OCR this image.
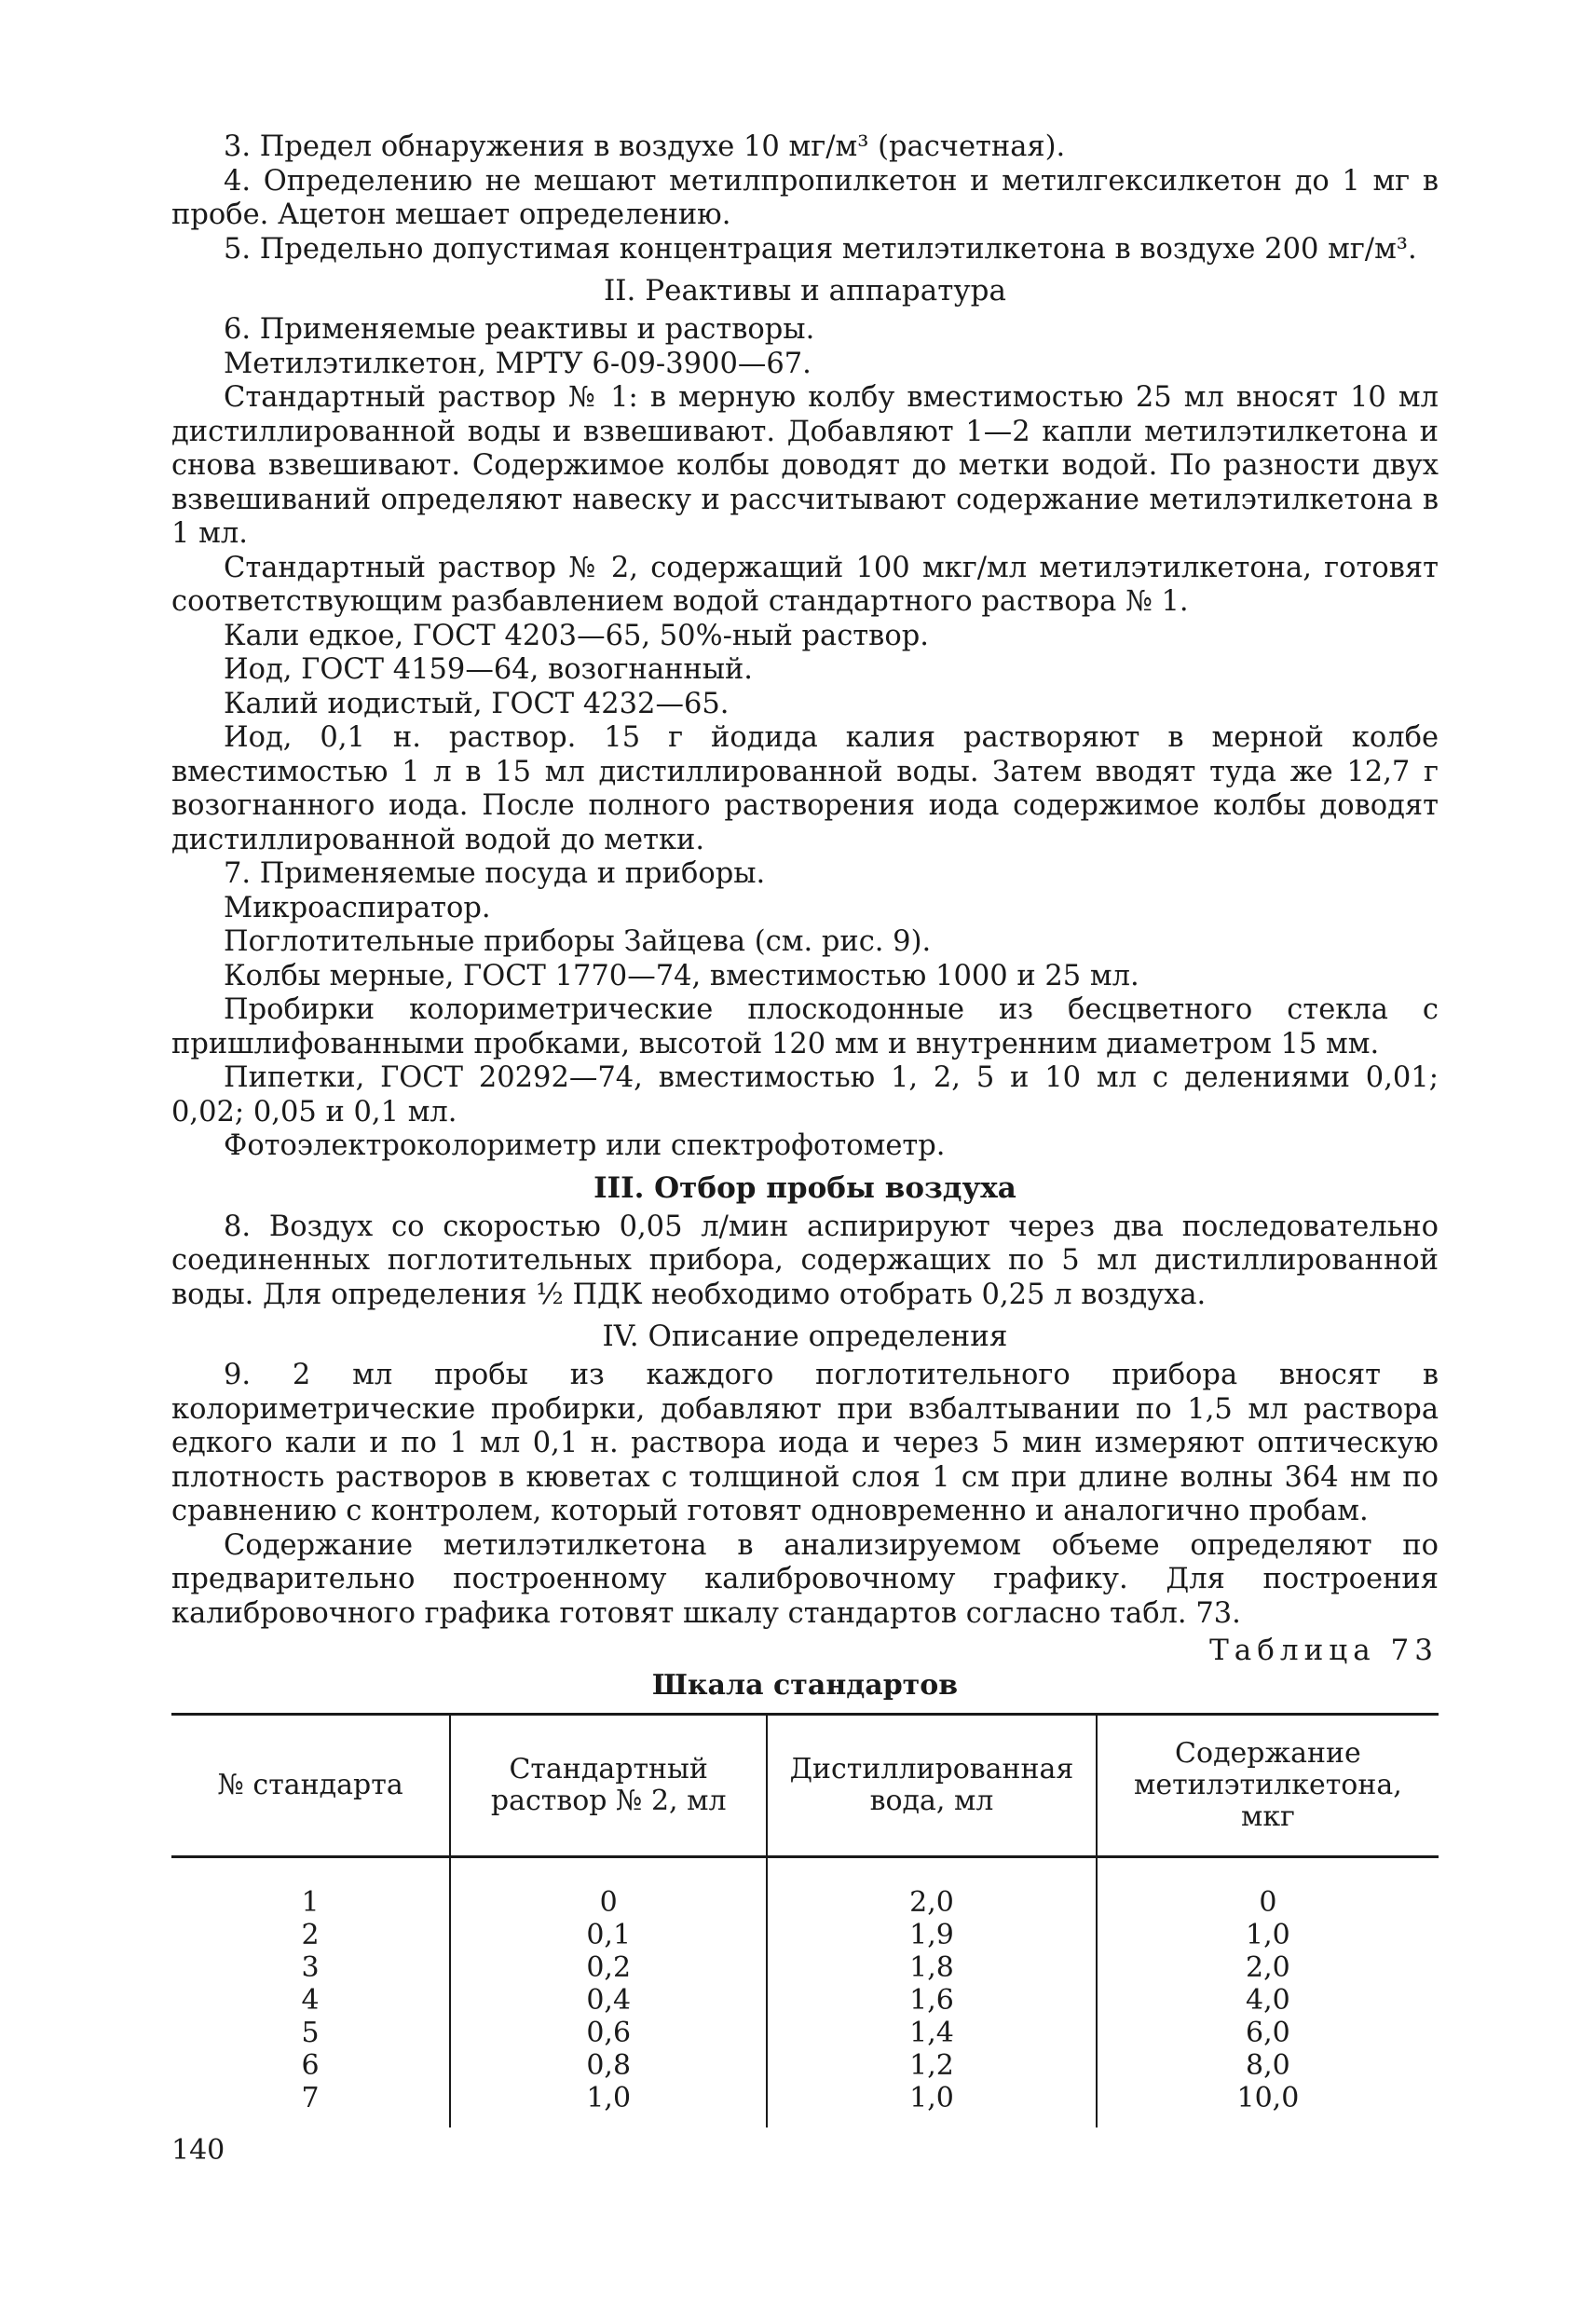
3. Предел обнаружения в воздухе 10 мг/м³ (расчетная).

4. Определению не мешают метилпропилкетон и метилгексилкетон до 1 мг в пробе. Ацетон мешает определению.

5. Предельно допустимая концентрация метилэтилкетона в воздухе 200 мг/м³.

II. Реактивы и аппаратура

6. Применяемые реактивы и растворы.

Метилэтилкетон, МРТУ 6-09-3900—67.

Стандартный раствор № 1: в мерную колбу вместимостью 25 мл вносят 10 мл дистиллированной воды и взвешивают. Добавляют 1—2 капли метилэтилкетона и снова взвешивают. Содержимое колбы доводят до метки водой. По разности двух взвешиваний определяют навеску и рассчитывают содержание метилэтилкетона в 1 мл.

Стандартный раствор № 2, содержащий 100 мкг/мл метилэтилкетона, готовят соответствующим разбавлением водой стандартного раствора № 1.

Кали едкое, ГОСТ 4203—65, 50%-ный раствор.

Иод, ГОСТ 4159—64, возогнанный.

Калий иодистый, ГОСТ 4232—65.

Иод, 0,1 н. раствор. 15 г йодида калия растворяют в мерной колбе вместимостью 1 л в 15 мл дистиллированной воды. Затем вводят туда же 12,7 г возогнанного иода. После полного растворения иода содержимое колбы доводят дистиллированной водой до метки.

7. Применяемые посуда и приборы.

Микроаспиратор.

Поглотительные приборы Зайцева (см. рис. 9).

Колбы мерные, ГОСТ 1770—74, вместимостью 1000 и 25 мл.

Пробирки колориметрические плоскодонные из бесцветного стекла с пришлифованными пробками, высотой 120 мм и внутренним диаметром 15 мм.

Пипетки, ГОСТ 20292—74, вместимостью 1, 2, 5 и 10 мл с делениями 0,01; 0,02; 0,05 и 0,1 мл.

Фотоэлектроколориметр или спектрофотометр.

III. Отбор пробы воздуха

8. Воздух со скоростью 0,05 л/мин аспирируют через два последовательно соединенных поглотительных прибора, содержащих по 5 мл дистиллированной воды. Для определения ½ ПДК необходимо отобрать 0,25 л воздуха.

IV. Описание определения

9. 2 мл пробы из каждого поглотительного прибора вносят в колориметрические пробирки, добавляют при взбалтывании по 1,5 мл раствора едкого кали и по 1 мл 0,1 н. раствора иода и через 5 мин измеряют оптическую плотность растворов в кюветах с толщиной слоя 1 см при длине волны 364 нм по сравнению с контролем, который готовят одновременно и аналогично пробам.

Содержание метилэтилкетона в анализируемом объеме определяют по предварительно построенному калибровочному графику. Для построения калибровочного графика готовят шкалу стандартов согласно табл. 73.

Таблица 73
Шкала стандартов
№ стандарта	Стандартный раствор № 2, мл	Дистиллированная вода, мл	Содержание метилэтилкетона, мкг
1	0	2,0	0
2	0,1	1,9	1,0
3	0,2	1,8	2,0
4	0,4	1,6	4,0
5	0,6	1,4	6,0
6	0,8	1,2	8,0
7	1,0	1,0	10,0
140
